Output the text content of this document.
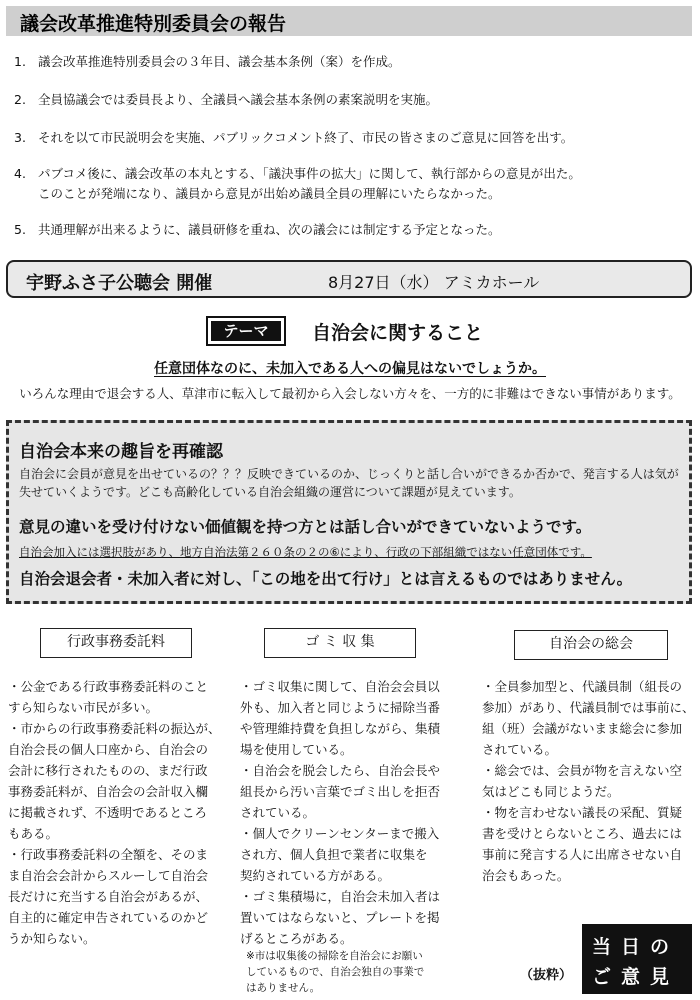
議会改革推進特別委員会の報告
1. 議会改革推進特別委員会の３年目、議会基本条例（案）を作成。
2. 全員協議会では委員長より、全議員へ議会基本条例の素案説明を実施。
3. それを以て市民説明会を実施、パブリックコメント終了、市民の皆さまのご意見に回答を出す。
4. パブコメ後に、議会改革の本丸とする、「議決事件の拡大」に関して、執行部からの意見が出た。
このことが発端になり、議員から意見が出始め議員全員の理解にいたらなかった。
5. 共通理解が出来るように、議員研修を重ね、次の議会には制定する予定となった。
宇野ふさ子公聴会 開催	8月27日（水） アミカホール
テーマ	自治会に関すること
任意団体なのに、未加入である人への偏見はないでしょうか。
いろんな理由で退会する人、草津市に転入して最初から入会しない方々を、一方的に非難はできない事情があります。
自治会本来の趣旨を再確認
自治会に会員が意見を出せているの？？？反映できているのか、じっくりと話し合いができるか否かで、発言する人は気が失せていくようです。どこも高齢化している自治会組織の運営について課題が見えています。
意見の違いを受け付けない価値観を持つ方とは話し合いができていないようです。
自治会加入には選択肢があり、地方自治法第２６０条の２の⑥により、行政の下部組織ではない任意団体です。
自治会退会者・未加入者に対し、「この地を出て行け」とは言えるものではありません。
行政事務委託料
・公金である行政事務委託料のこと
すら知らない市民が多い。
・市からの行政事務委託料の振込が、
自治会長の個人口座から、自治会の
会計に移行されたものの、まだ行政
事務委託料が、自治会の会計収入欄
に掲載されず、不透明であるところ
もある。
・行政事務委託料の全額を、そのま
ま自治会会計からスルーして自治会
長だけに充当する自治会があるが、
自主的に確定申告されているのかど
うか知らない。
ゴ ミ 収 集
・ゴミ収集に関して、自治会会員以
外も、加入者と同じように掃除当番
や管理維持費を負担しながら、集積
場を使用している。
・自治会を脱会したら、自治会長や
組長から汚い言葉でゴミ出しを拒否
されている。
・個人でクリーンセンターまで搬入
され方、個人負担で業者に収集を
契約されている方がある。
・ゴミ集積場に，自治会未加入者は
置いてはならないと、プレートを掲
げるところがある。
※市は収集後の掃除を自治会にお願い
しているもので、自治会独自の事業で
はありません。
自治会の総会
・全員参加型と、代議員制（組長の
参加）があり、代議員制では事前に、
組（班）会議がないまま総会に参加
されている。
・総会では、会員が物を言えない空
気はどこも同じようだ。
・物を言わせない議長の采配、質疑
書を受けとらないところ、過去には
事前に発言する人に出席させない自
治会もあった。
（抜粋）
当日の
ご意見
